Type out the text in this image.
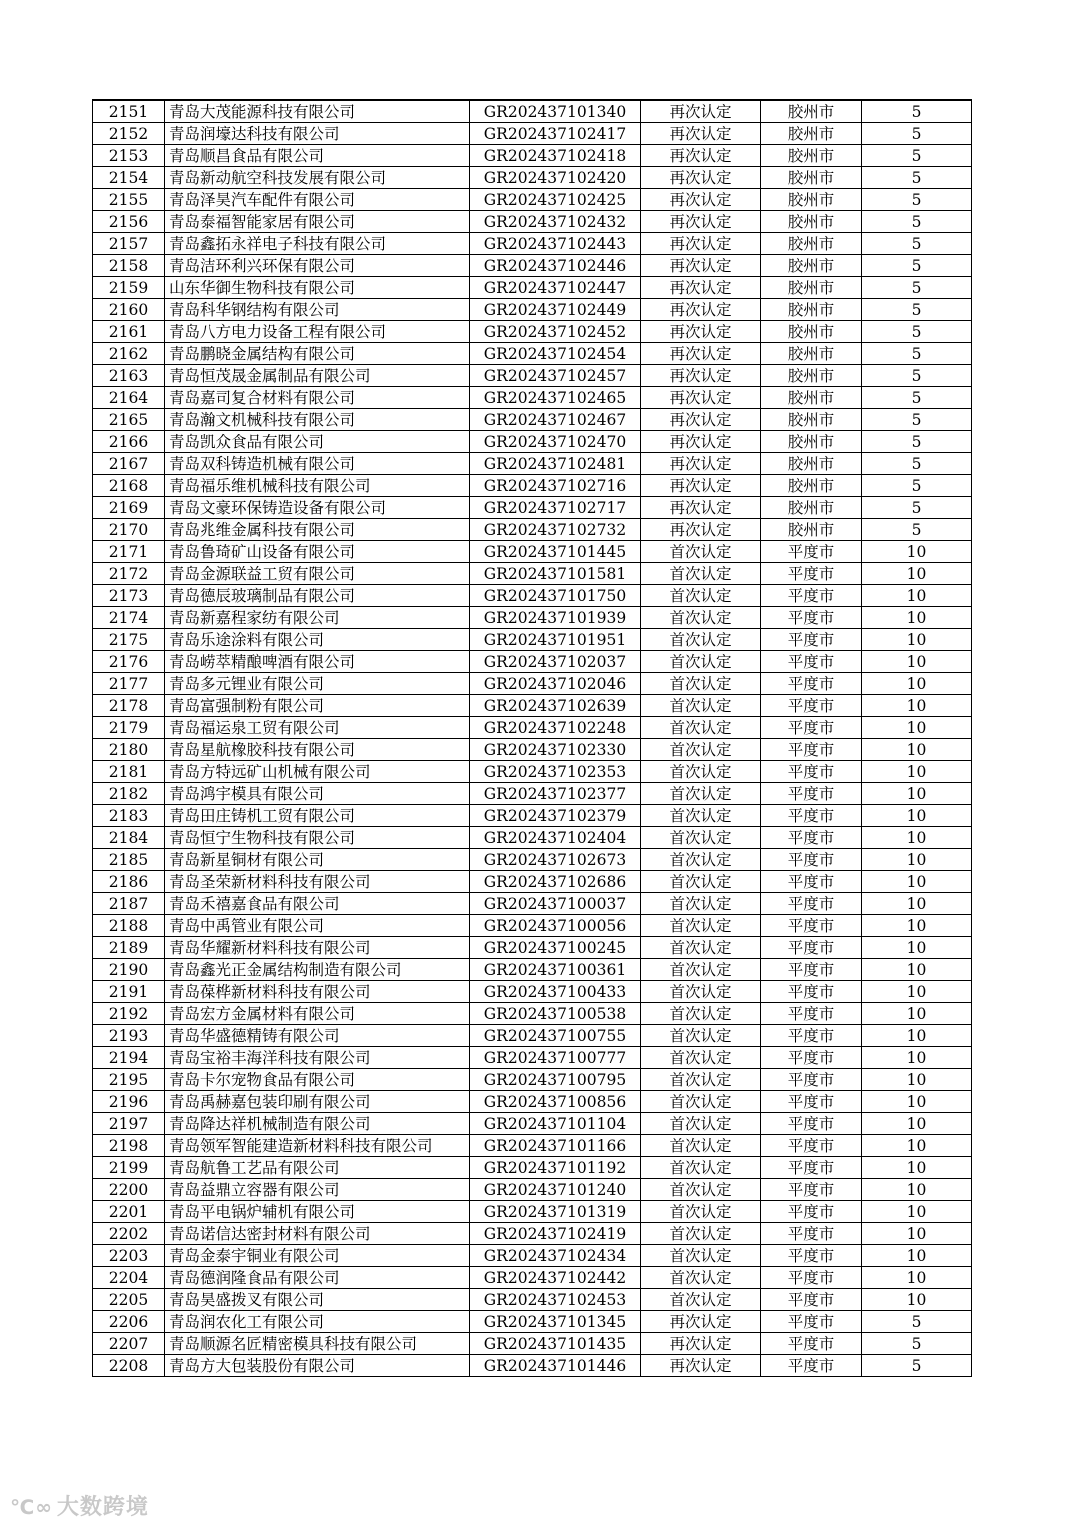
2151	青岛大茂能源科技有限公司	GR202437101340	再次认定	胶州市	5
2152	青岛润壕达科技有限公司	GR202437102417	再次认定	胶州市	5
2153	青岛顺昌食品有限公司	GR202437102418	再次认定	胶州市	5
2154	青岛新动航空科技发展有限公司	GR202437102420	再次认定	胶州市	5
2155	青岛泽昊汽车配件有限公司	GR202437102425	再次认定	胶州市	5
2156	青岛泰福智能家居有限公司	GR202437102432	再次认定	胶州市	5
2157	青岛鑫拓永祥电子科技有限公司	GR202437102443	再次认定	胶州市	5
2158	青岛洁环利兴环保有限公司	GR202437102446	再次认定	胶州市	5
2159	山东华御生物科技有限公司	GR202437102447	再次认定	胶州市	5
2160	青岛科华钢结构有限公司	GR202437102449	再次认定	胶州市	5
2161	青岛八方电力设备工程有限公司	GR202437102452	再次认定	胶州市	5
2162	青岛鹏晓金属结构有限公司	GR202437102454	再次认定	胶州市	5
2163	青岛恒茂晟金属制品有限公司	GR202437102457	再次认定	胶州市	5
2164	青岛嘉司复合材料有限公司	GR202437102465	再次认定	胶州市	5
2165	青岛瀚文机械科技有限公司	GR202437102467	再次认定	胶州市	5
2166	青岛凯众食品有限公司	GR202437102470	再次认定	胶州市	5
2167	青岛双科铸造机械有限公司	GR202437102481	再次认定	胶州市	5
2168	青岛福乐维机械科技有限公司	GR202437102716	再次认定	胶州市	5
2169	青岛文豪环保铸造设备有限公司	GR202437102717	再次认定	胶州市	5
2170	青岛兆维金属科技有限公司	GR202437102732	再次认定	胶州市	5
2171	青岛鲁琦矿山设备有限公司	GR202437101445	首次认定	平度市	10
2172	青岛金源联益工贸有限公司	GR202437101581	首次认定	平度市	10
2173	青岛德辰玻璃制品有限公司	GR202437101750	首次认定	平度市	10
2174	青岛新嘉程家纺有限公司	GR202437101939	首次认定	平度市	10
2175	青岛乐途涂料有限公司	GR202437101951	首次认定	平度市	10
2176	青岛崂萃精酿啤酒有限公司	GR202437102037	首次认定	平度市	10
2177	青岛多元锂业有限公司	GR202437102046	首次认定	平度市	10
2178	青岛富强制粉有限公司	GR202437102639	首次认定	平度市	10
2179	青岛福运泉工贸有限公司	GR202437102248	首次认定	平度市	10
2180	青岛星航橡胶科技有限公司	GR202437102330	首次认定	平度市	10
2181	青岛方特远矿山机械有限公司	GR202437102353	首次认定	平度市	10
2182	青岛鸿宇模具有限公司	GR202437102377	首次认定	平度市	10
2183	青岛田庄铸机工贸有限公司	GR202437102379	首次认定	平度市	10
2184	青岛恒宁生物科技有限公司	GR202437102404	首次认定	平度市	10
2185	青岛新星铜材有限公司	GR202437102673	首次认定	平度市	10
2186	青岛圣荣新材料科技有限公司	GR202437102686	首次认定	平度市	10
2187	青岛禾禧嘉食品有限公司	GR202437100037	首次认定	平度市	10
2188	青岛中禹管业有限公司	GR202437100056	首次认定	平度市	10
2189	青岛华耀新材料科技有限公司	GR202437100245	首次认定	平度市	10
2190	青岛鑫光正金属结构制造有限公司	GR202437100361	首次认定	平度市	10
2191	青岛葆桦新材料科技有限公司	GR202437100433	首次认定	平度市	10
2192	青岛宏方金属材料有限公司	GR202437100538	首次认定	平度市	10
2193	青岛华盛德精铸有限公司	GR202437100755	首次认定	平度市	10
2194	青岛宝裕丰海洋科技有限公司	GR202437100777	首次认定	平度市	10
2195	青岛卡尔宠物食品有限公司	GR202437100795	首次认定	平度市	10
2196	青岛禹赫嘉包装印刷有限公司	GR202437100856	首次认定	平度市	10
2197	青岛降达祥机械制造有限公司	GR202437101104	首次认定	平度市	10
2198	青岛领军智能建造新材料科技有限公司	GR202437101166	首次认定	平度市	10
2199	青岛航鲁工艺品有限公司	GR202437101192	首次认定	平度市	10
2200	青岛益鼎立容器有限公司	GR202437101240	首次认定	平度市	10
2201	青岛平电锅炉辅机有限公司	GR202437101319	首次认定	平度市	10
2202	青岛诺信达密封材料有限公司	GR202437102419	首次认定	平度市	10
2203	青岛金泰宇铜业有限公司	GR202437102434	首次认定	平度市	10
2204	青岛德润隆食品有限公司	GR202437102442	首次认定	平度市	10
2205	青岛昊盛拨叉有限公司	GR202437102453	首次认定	平度市	10
2206	青岛润农化工有限公司	GR202437101345	再次认定	平度市	5
2207	青岛顺源名匠精密模具科技有限公司	GR202437101435	再次认定	平度市	5
2208	青岛方大包装股份有限公司	GR202437101446	再次认定	平度市	5
℃∞ 大数跨境
